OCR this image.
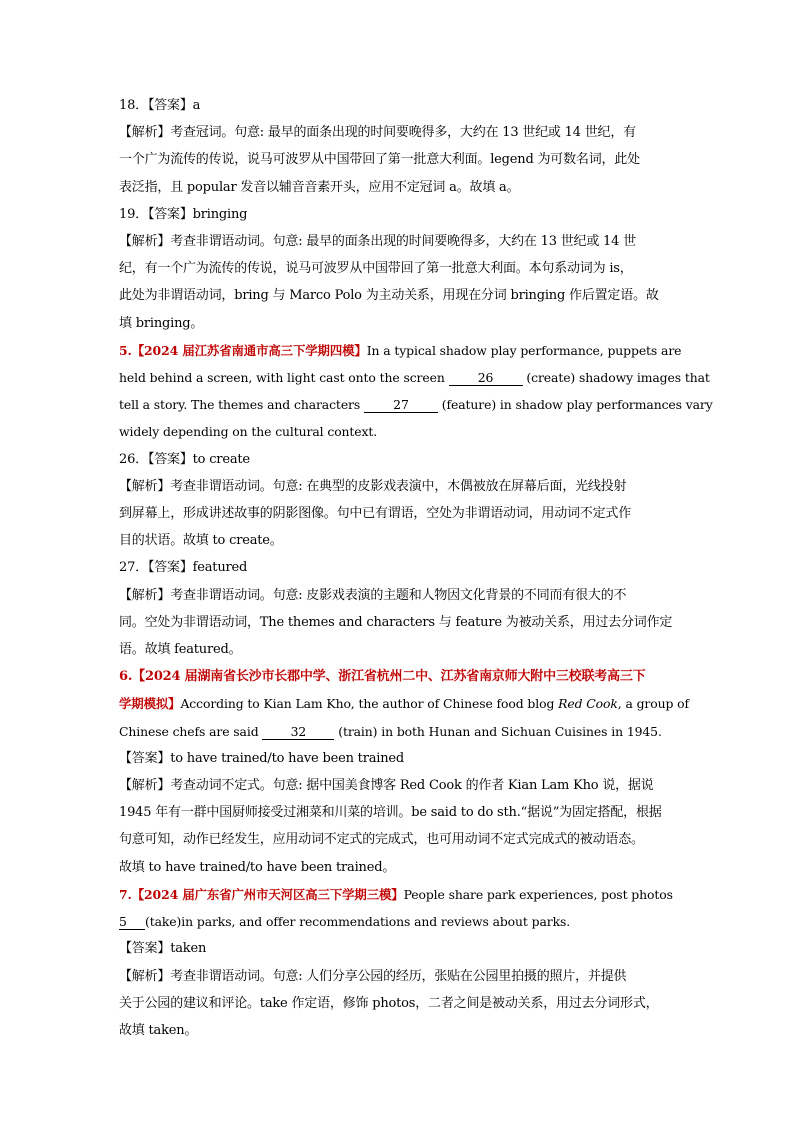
18．【答案】a
【解析】考查冠词。句意: 最早的面条出现的时间要晚得多，大约在 13 世纪或 14 世纪，有
一个广为流传的传说，说马可波罗从中国带回了第一批意大利面。legend 为可数名词，此处
表泛指，且 popular 发音以辅音音素开头，应用不定冠词 a。故填 a。
19．【答案】bringing
【解析】考查非谓语动词。句意: 最早的面条出现的时间要晚得多，大约在 13 世纪或 14 世
纪，有一个广为流传的传说，说马可波罗从中国带回了第一批意大利面。本句系动词为 is，
此处为非谓语动词，bring 与 Marco Polo 为主动关系，用现在分词 bringing 作后置定语。故
填 bringing。
5.【2024 届江苏省南通市高三下学期四模】In a typical shadow play performance, puppets are
held behind a screen, with light cast onto the screen 26 (create) shadowy images that
tell a story. The themes and characters 27 (feature) in shadow play performances vary
widely depending on the cultural context.
26．【答案】to create
【解析】考查非谓语动词。句意: 在典型的皮影戏表演中，木偶被放在屏幕后面，光线投射
到屏幕上，形成讲述故事的阴影图像。句中已有谓语，空处为非谓语动词，用动词不定式作
目的状语。故填 to create。
27．【答案】featured
【解析】考查非谓语动词。句意: 皮影戏表演的主题和人物因文化背景的不同而有很大的不
同。空处为非谓语动词，The themes and characters 与 feature 为被动关系，用过去分词作定
语。故填 featured。
6.【2024 届湖南省长沙市长郡中学、浙江省杭州二中、江苏省南京师大附中三校联考高三下
学期模拟】According to Kian Lam Kho, the author of Chinese food blog Red Cook, a group of
Chinese chefs are said 32 (train) in both Hunan and Sichuan Cuisines in 1945.
【答案】to have trained/to have been trained
【解析】考查动词不定式。句意: 据中国美食博客 Red Cook 的作者 Kian Lam Kho 说，据说
1945 年有一群中国厨师接受过湘菜和川菜的培训。be said to do sth.“据说”为固定搭配，根据
句意可知，动作已经发生，应用动词不定式的完成式，也可用动词不定式完成式的被动语态。
故填 to have trained/to have been trained。
7.【2024 届广东省广州市天河区高三下学期三模】People share park experiences, post photos
5 (take)in parks, and offer recommendations and reviews about parks.
【答案】taken
【解析】考查非谓语动词。句意: 人们分享公园的经历，张贴在公园里拍摄的照片，并提供
关于公园的建议和评论。take 作定语，修饰 photos，二者之间是被动关系，用过去分词形式，
故填 taken。
